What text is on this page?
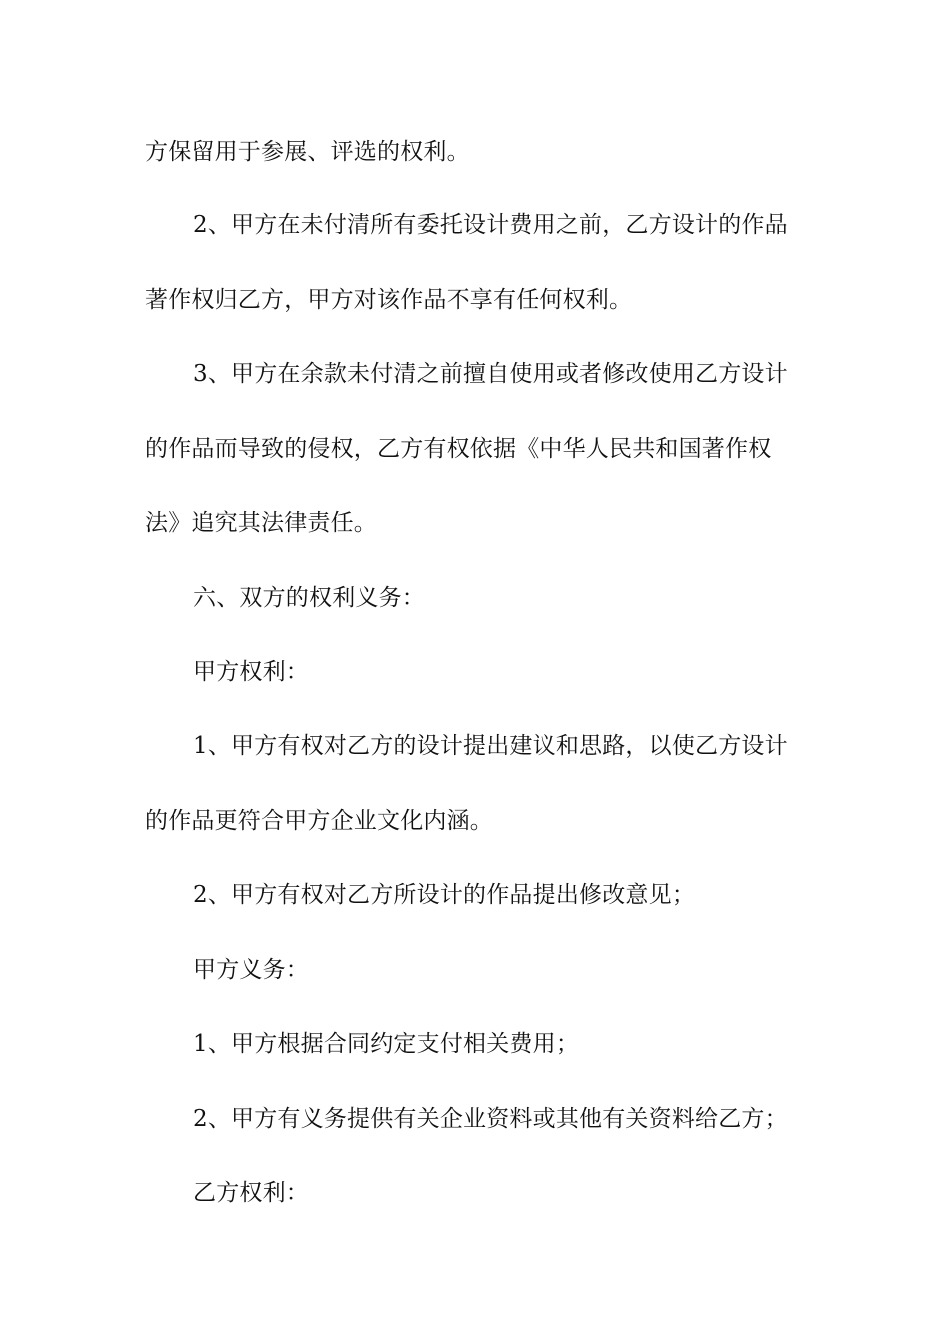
方保留用于参展、评选的权利。

2、甲方在未付清所有委托设计费用之前，乙方设计的作品

著作权归乙方，甲方对该作品不享有任何权利。

3、甲方在余款未付清之前擅自使用或者修改使用乙方设计

的作品而导致的侵权，乙方有权依据《中华人民共和国著作权

法》追究其法律责任。

六、双方的权利义务：

甲方权利：

1、甲方有权对乙方的设计提出建议和思路，以使乙方设计

的作品更符合甲方企业文化内涵。

2、甲方有权对乙方所设计的作品提出修改意见；

甲方义务：

1、甲方根据合同约定支付相关费用；

2、甲方有义务提供有关企业资料或其他有关资料给乙方；

乙方权利：
